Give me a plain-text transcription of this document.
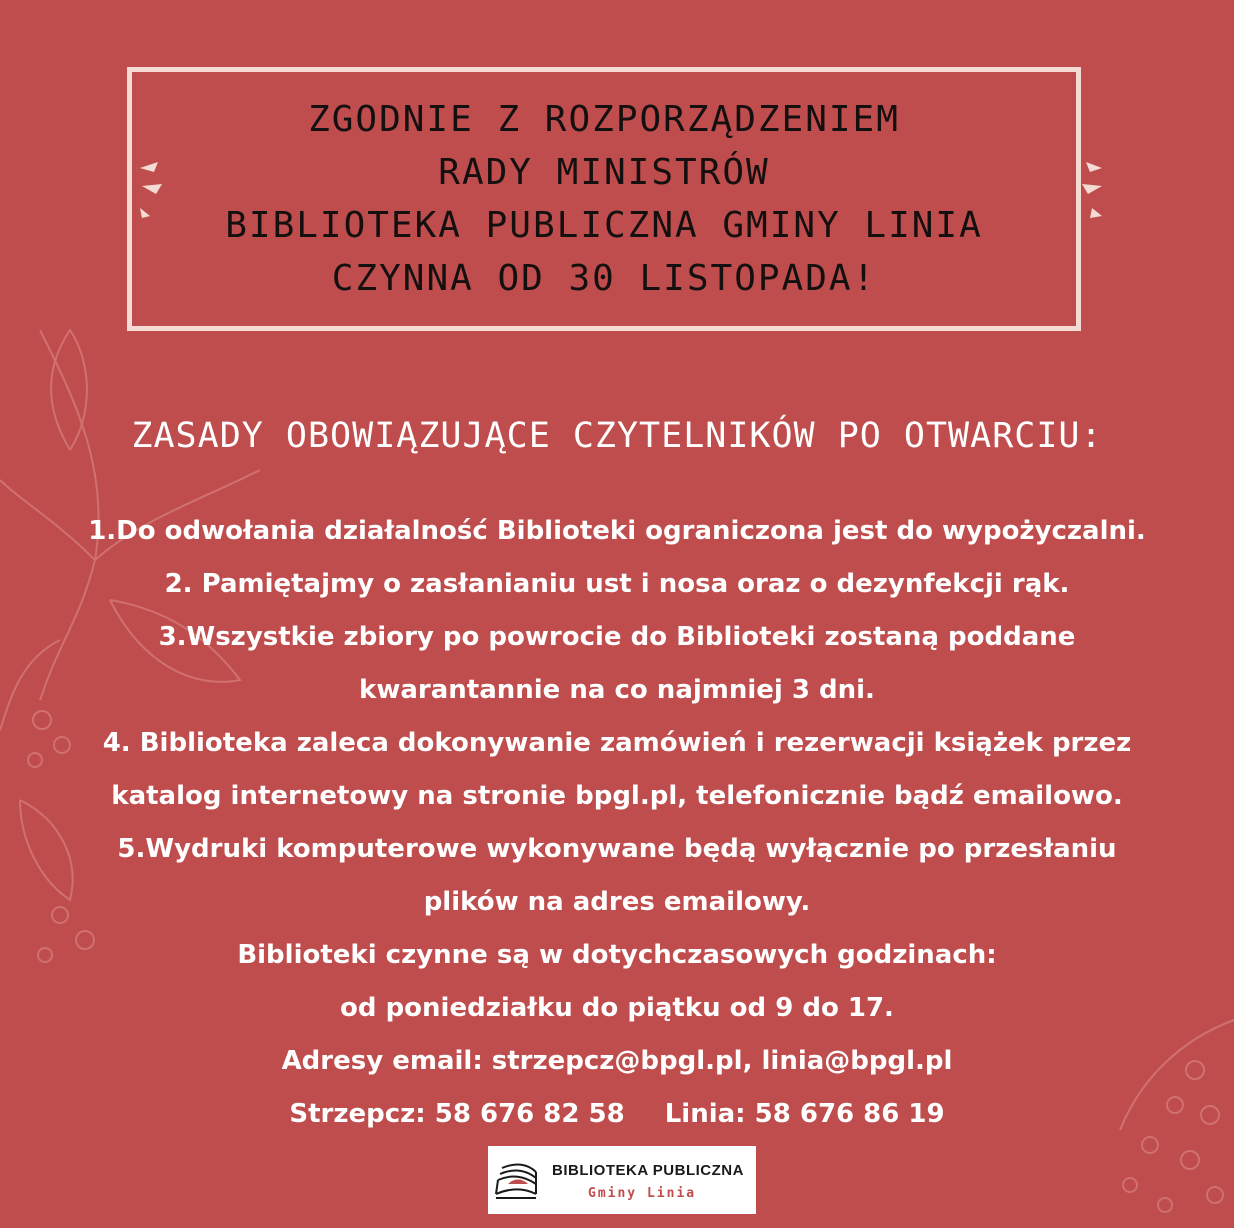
ZGODNIE Z ROZPORZĄDZENIEM
RADY MINISTRÓW
BIBLIOTEKA PUBLICZNA GMINY LINIA
CZYNNA OD 30 LISTOPADA!
ZASADY OBOWIĄZUJĄCE CZYTELNIKÓW PO OTWARCIU:
1.Do odwołania działalność Biblioteki ograniczona jest do wypożyczalni.
2. Pamiętajmy o zasłanianiu ust i nosa oraz o dezynfekcji rąk.
3.Wszystkie zbiory po powrocie do Biblioteki zostaną poddane
kwarantannie na co najmniej 3 dni.
4. Biblioteka zaleca dokonywanie zamówień i rezerwacji książek przez
katalog internetowy na stronie bpgl.pl, telefonicznie bądź emailowo.
5.Wydruki komputerowe wykonywane będą wyłącznie po przesłaniu
plików na adres emailowy.
Biblioteki czynne są w dotychczasowych godzinach:
od poniedziałku do piątku od 9 do 17.
Adresy email: strzepcz@bpgl.pl, linia@bpgl.pl
Strzepcz: 58 676 82 58 Linia: 58 676 86 19
BIBLIOTEKA PUBLICZNA
Gminy Linia
